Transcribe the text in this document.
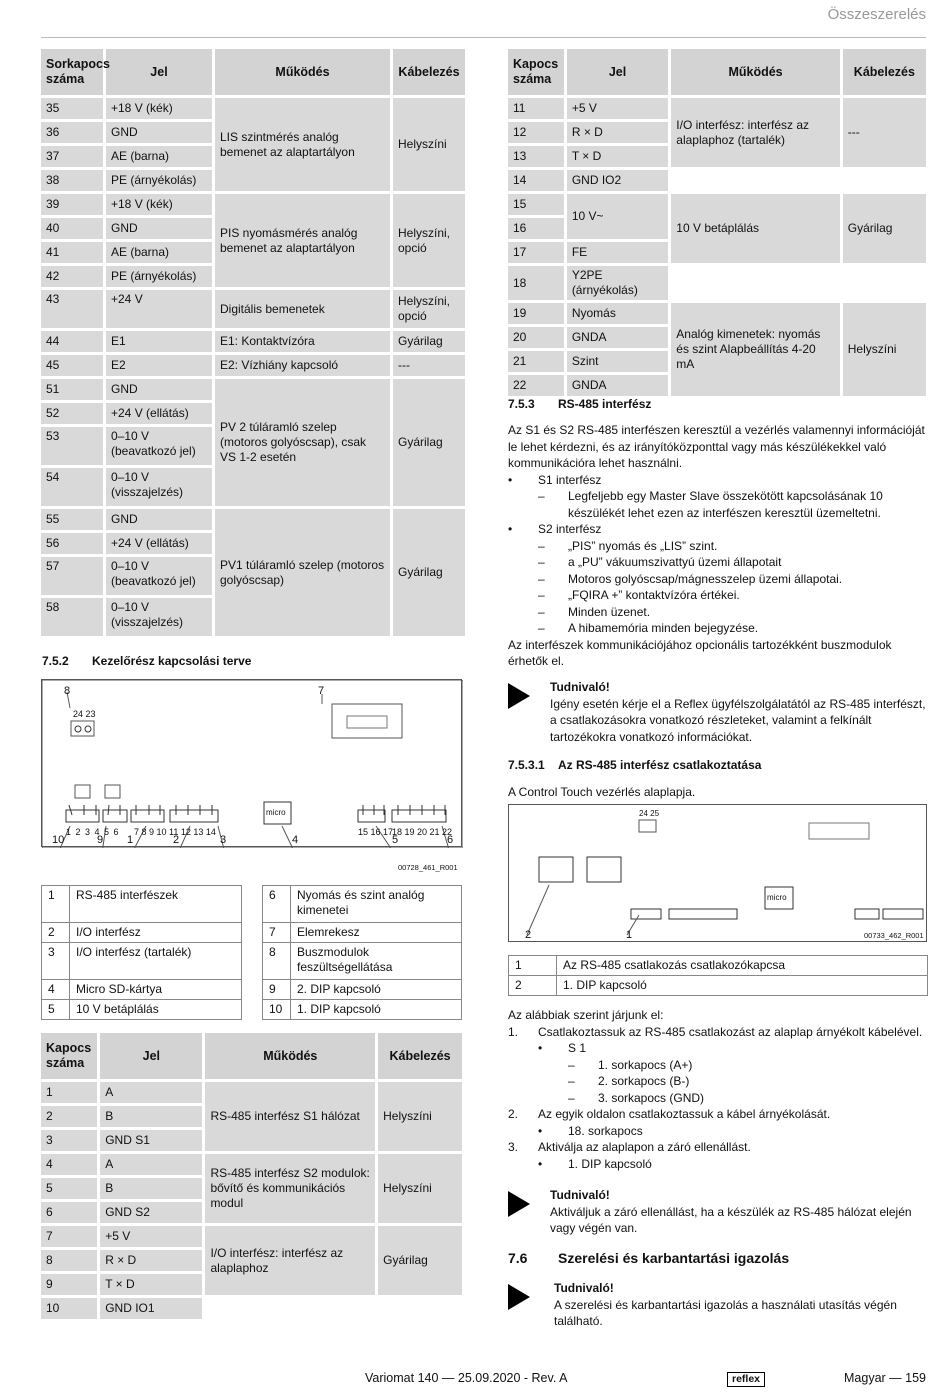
Összeszerelés
Sorkapocs száma	Jel	Működés	Kábelezés
35	+18 V (kék)	LIS szintmérés analóg bemenet az alaptartályon	Helyszíni
36	GND		
37	AE (barna)		
38	PE (árnyékolás)		
39	+18 V (kék)	PIS nyomásmérés analóg bemenet az alaptartályon	Helyszíni, opció
40	GND		
41	AE (barna)		
42	PE (árnyékolás)		
43	+24 V	Digitális bemenetek	Helyszíni, opció
44	E1	E1: Kontaktvízóra	Gyárilag
45	E2	E2: Vízhiány kapcsoló	---
51	GND	PV 2 túláramló szelep (motoros golyóscsap), csak VS 1-2 esetén	Gyárilag
52	+24 V (ellátás)		
53	0–10 V (beavatkozó jel)		
54	0–10 V (visszajelzés)		
55	GND	PV1 túláramló szelep (motoros golyóscsap)	Gyárilag
56	+24 V (ellátás)		
57	0–10 V (beavatkozó jel)		
58	0–10 V (visszajelzés)		
Kapocs száma	Jel	Működés	Kábelezés
11	+5 V	I/O interfész: interfész az alaplaphoz (tartalék)	---
12	R × D		
13	T × D		
14	GND IO2		
15	10 V~	10 V betáplálás	Gyárilag
16			
17	FE		
18	Y2PE (árnyékolás)		
19	Nyomás	Analóg kimenetek: nyomás és szint Alapbeállítás 4-20 mA	Helyszíni
20	GNDA		
21	Szint		
22	GNDA		
7.5.2 Kezelőrész kapcsolási terve
8	7
24 23
1 2 3 4 5 6 7 8 9 10 11 12 13 14	15 16 17
18 19 20 21 22
micro
10	9 1	2	3	4	5	6
00728_461_R001
1	RS-485 interfészek
2	I/O interfész
3	I/O interfész (tartalék)
4	Micro SD-kártya
5	10 V betáplálás
6	Nyomás és szint analóg kimenetei
7	Elemrekesz
8	Buszmodulok feszültségellátása
9	2. DIP kapcsoló
10	1. DIP kapcsoló
Kapocs száma	Jel	Működés	Kábelezés
1	A	RS-485 interfész S1 hálózat	Helyszíni
2	B		
3	GND S1		
4	A	RS-485 interfész S2 modulok: bővítő és kommunikációs modul	Helyszíni
5	B		
6	GND S2		
7	+5 V	I/O interfész: interfész az alaplaphoz	Gyárilag
8	R × D		
9	T × D		
10	GND IO1		
7.5.3 RS-485 interfész
Az S1 és S2 RS-485 interfészen keresztül a vezérlés valamennyi információját le lehet kérdezni, és az irányítóközponttal vagy más készülékekkel való kommunikációra lehet használni.
• S1 interfész
– Legfeljebb egy Master Slave összekötött kapcsolásának 10 készülékét lehet ezen az interfészen keresztül üzemeltetni.
• S2 interfész
– „PIS” nyomás és „LIS” szint.
– a „PU” vákuumszivattyú üzemi állapotait
– Motoros golyóscsap/mágnesszelep üzemi állapotai.
– „FQIRA +” kontaktvízóra értékei.
– Minden üzenet.
– A hibamemória minden bejegyzése.
Az interfészek kommunikációjához opcionális tartozékként buszmodulok érhetők el.
Tudnivaló!
Igény esetén kérje el a Reflex ügyfélszolgálatától az RS-485 interfészt, a csatlakozásokra vonatkozó részleteket, valamint a felkínált tartozékokra vonatkozó információkat.
7.5.3.1 Az RS-485 interfész csatlakoztatása
A Control Touch vezérlés alaplapja.
24 25
micro
2	1	00733_462_R001
1	Az RS-485 csatlakozás csatlakozókapcsa
2	1. DIP kapcsoló
Az alábbiak szerint járjunk el:
1. Csatlakoztassuk az RS-485 csatlakozást az alaplap árnyékolt kábelével.
• S 1
– 1. sorkapocs (A+)
– 2. sorkapocs (B-)
– 3. sorkapocs (GND)
2. Az egyik oldalon csatlakoztassuk a kábel árnyékolását.
• 18. sorkapocs
3. Aktiválja az alaplapon a záró ellenállást.
• 1. DIP kapcsoló
Tudnivaló!
Aktiváljuk a záró ellenállást, ha a készülék az RS-485 hálózat elején vagy végén van.
7.6 Szerelési és karbantartási igazolás
Tudnivaló!
A szerelési és karbantartási igazolás a használati utasítás végén található.
Variomat 140 — 25.09.2020 - Rev. A	reflex	Magyar — 159
